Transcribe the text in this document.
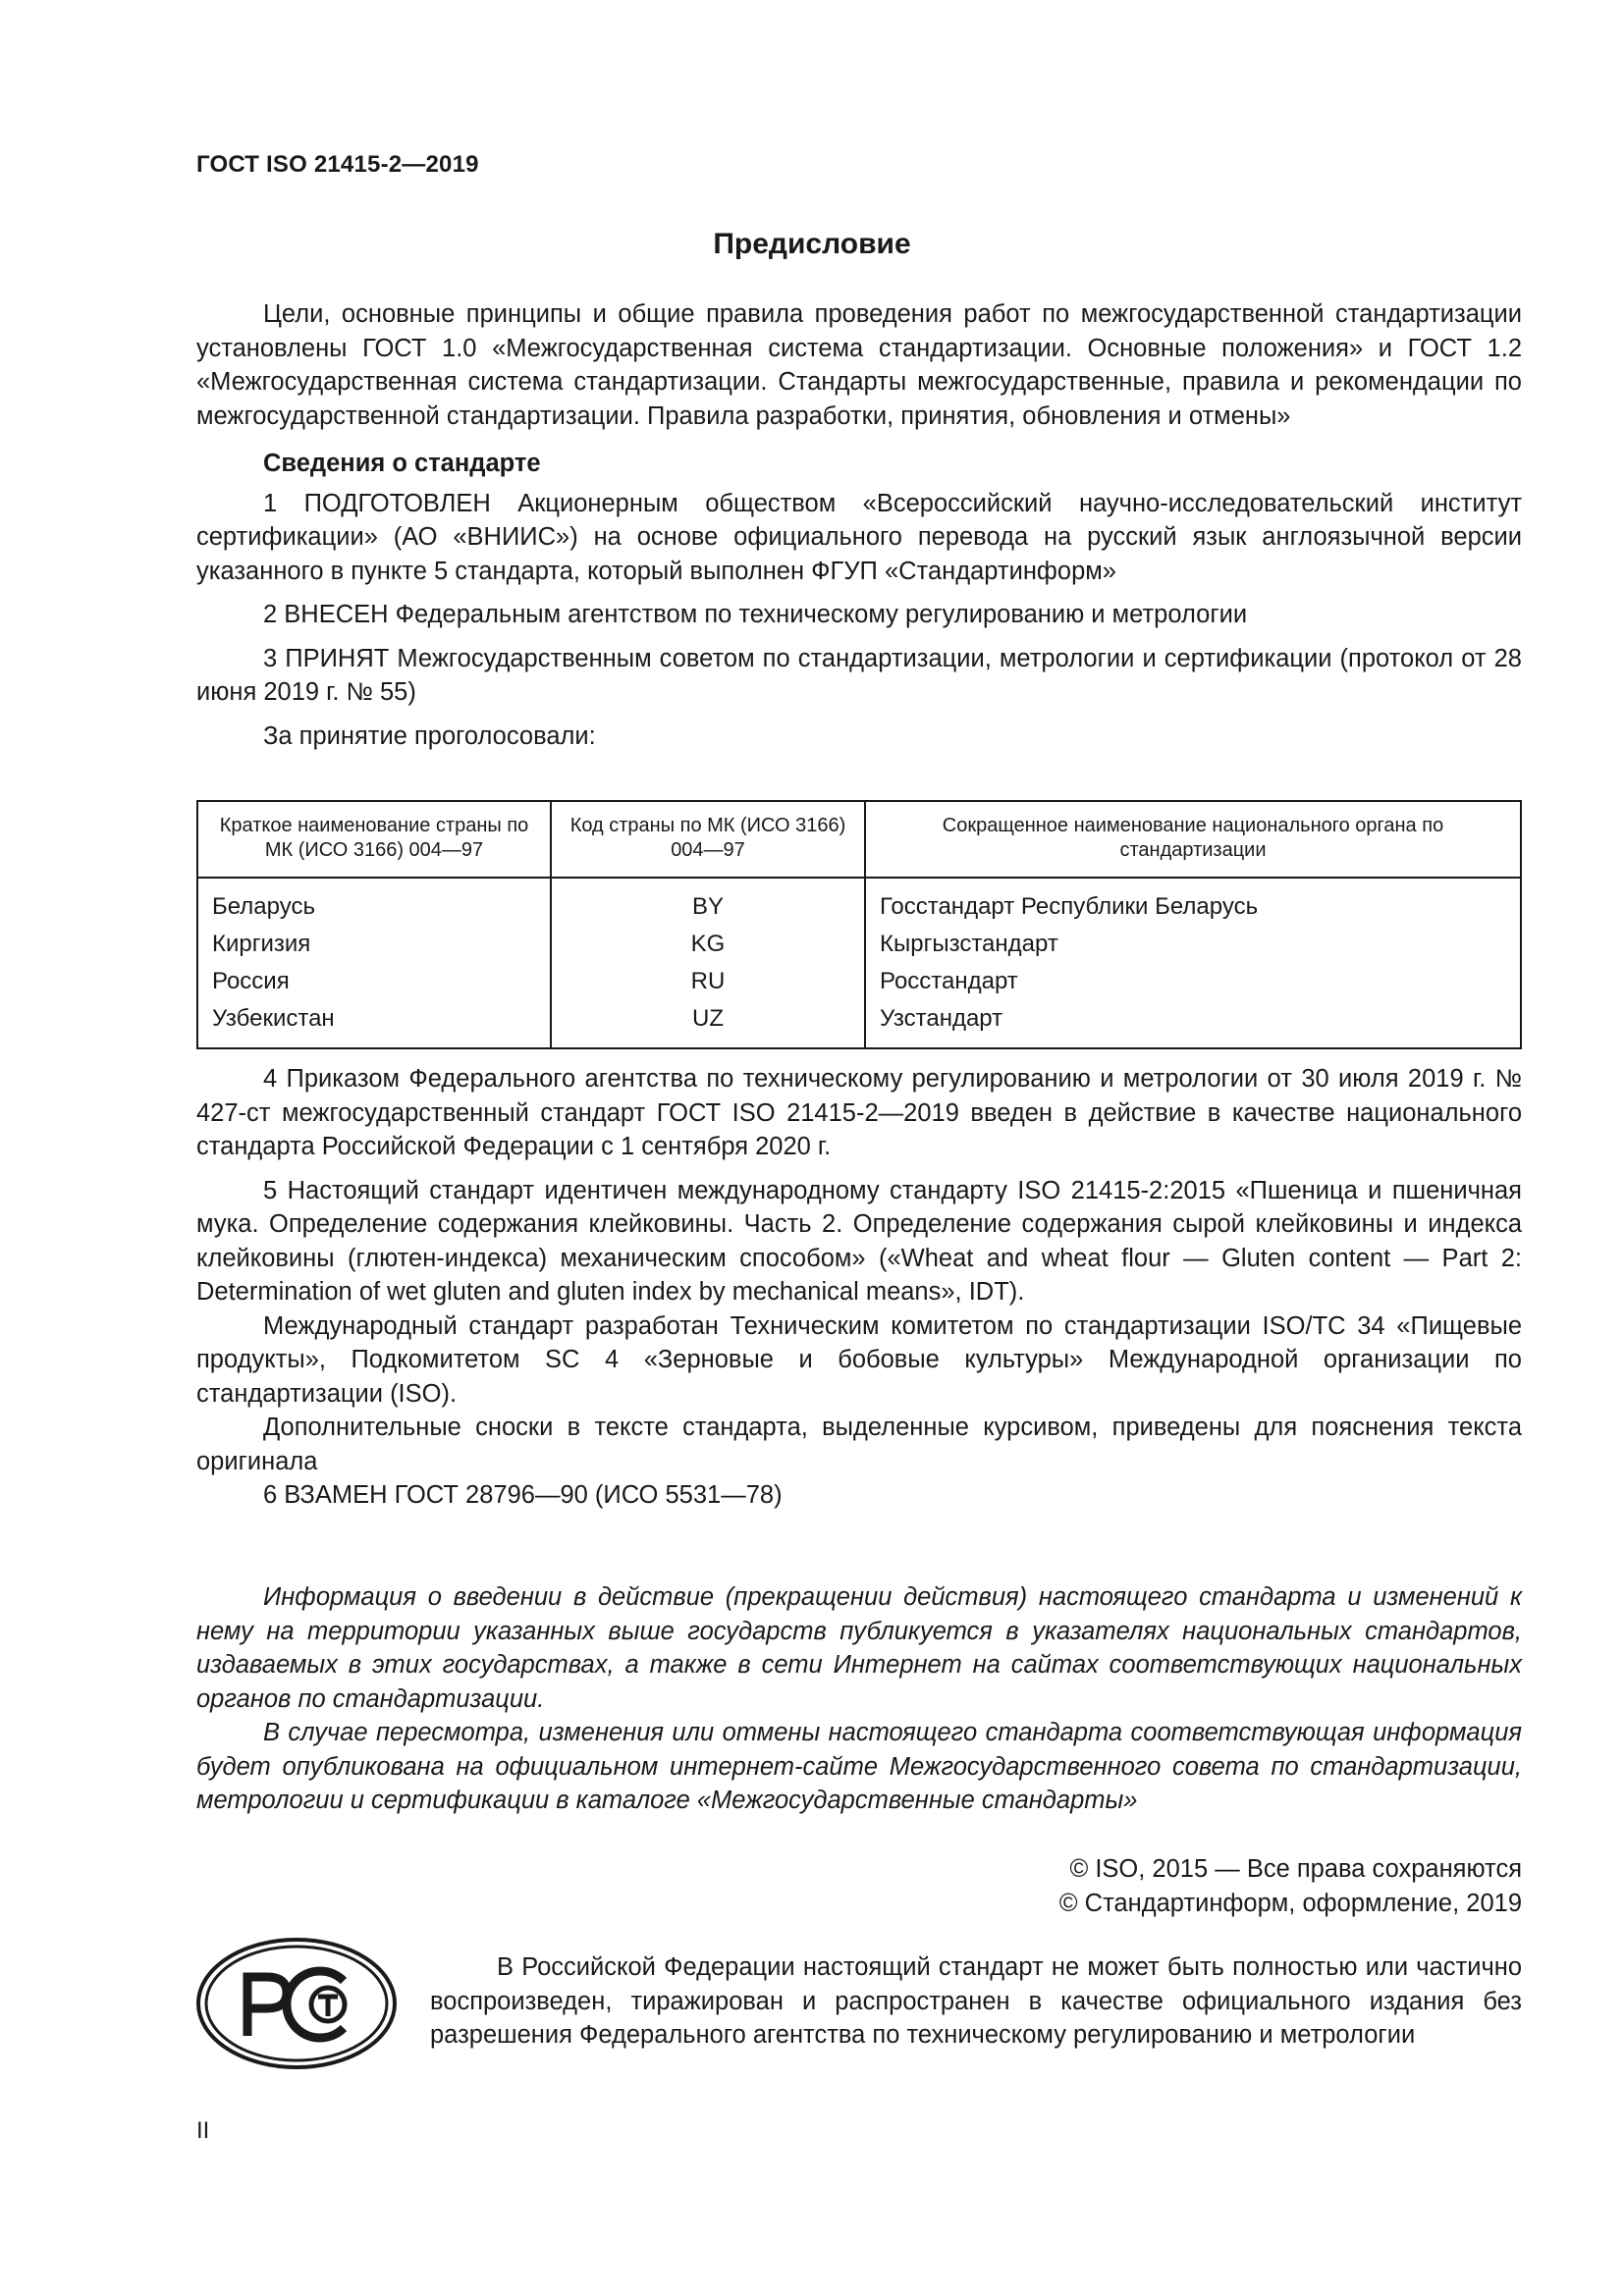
ГОСТ ISO 21415-2—2019
Предисловие

Цели, основные принципы и общие правила проведения работ по межгосударственной стандартизации установлены ГОСТ 1.0 «Межгосударственная система стандартизации. Основные положения» и ГОСТ 1.2 «Межгосударственная система стандартизации. Стандарты межгосударственные, правила и рекомендации по межгосударственной стандартизации. Правила разработки, принятия, обновления и отмены»

Сведения о стандарте

1 ПОДГОТОВЛЕН Акционерным обществом «Всероссийский научно-исследовательский институт сертификации» (АО «ВНИИС») на основе официального перевода на русский язык англоязычной версии указанного в пункте 5 стандарта, который выполнен ФГУП «Стандартинформ»

2 ВНЕСЕН Федеральным агентством по техническому регулированию и метрологии

3 ПРИНЯТ Межгосударственным советом по стандартизации, метрологии и сертификации (протокол от 28 июня 2019 г. № 55)

За принятие проголосовали:

Краткое наименование страны по МК (ИСО 3166) 004—97	Код страны по МК (ИСО 3166) 004—97	Сокращенное наименование национального органа по стандартизации
Беларусь	BY	Госстандарт Республики Беларусь
Киргизия	KG	Кыргызстандарт
Россия	RU	Росстандарт
Узбекистан	UZ	Узстандарт

4 Приказом Федерального агентства по техническому регулированию и метрологии от 30 июля 2019 г. № 427-ст межгосударственный стандарт ГОСТ ISO 21415-2—2019 введен в действие в качестве национального стандарта Российской Федерации с 1 сентября 2020 г.

5 Настоящий стандарт идентичен международному стандарту ISO 21415-2:2015 «Пшеница и пшеничная мука. Определение содержания клейковины. Часть 2. Определение содержания сырой клейковины и индекса клейковины (глютен-индекса) механическим способом» («Wheat and wheat flour — Gluten content — Part 2: Determination of wet gluten and gluten index by mechanical means», IDT).

Международный стандарт разработан Техническим комитетом по стандартизации ISO/TC 34 «Пищевые продукты», Подкомитетом SC 4 «Зерновые и бобовые культуры» Международной организации по стандартизации (ISO).

Дополнительные сноски в тексте стандарта, выделенные курсивом, приведены для пояснения текста оригинала

6 ВЗАМЕН ГОСТ 28796—90 (ИСО 5531—78)

Информация о введении в действие (прекращении действия) настоящего стандарта и изменений к нему на территории указанных выше государств публикуется в указателях национальных стандартов, издаваемых в этих государствах, а также в сети Интернет на сайтах соответствующих национальных органов по стандартизации.

В случае пересмотра, изменения или отмены настоящего стандарта соответствующая информация будет опубликована на официальном интернет-сайте Межгосударственного совета по стандартизации, метрологии и сертификации в каталоге «Межгосударственные стандарты»

© ISO, 2015 — Все права сохраняются
© Стандартинформ, оформление, 2019

В Российской Федерации настоящий стандарт не может быть полностью или частично воспроизведен, тиражирован и распространен в качестве официального издания без разрешения Федерального агентства по техническому регулированию и метрологии

II
